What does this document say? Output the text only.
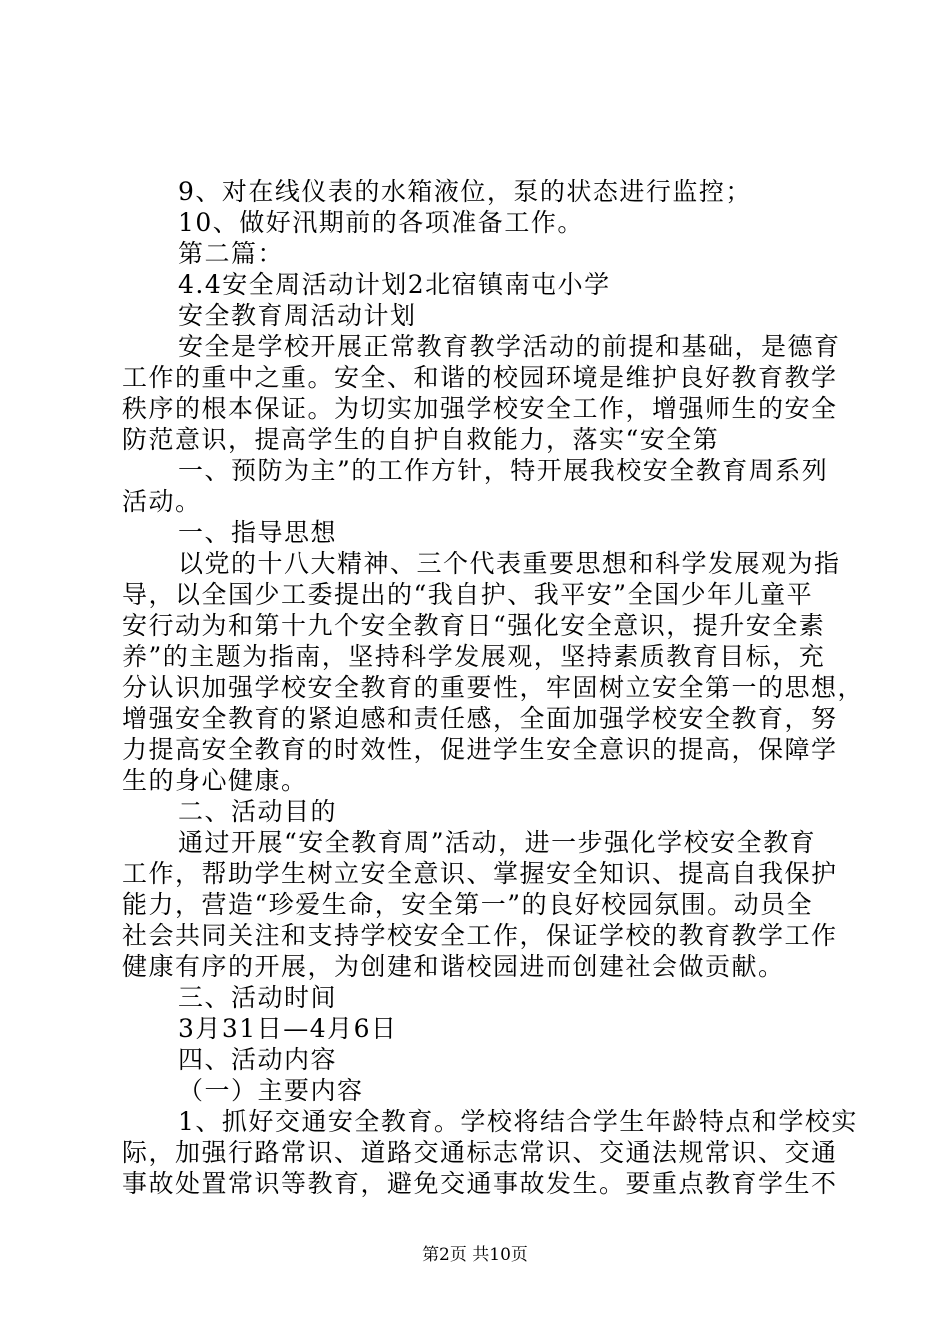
9、对在线仪表的水箱液位，泵的状态进行监控；
10、做好汛期前的各项准备工作。
第二篇：
4.4安全周活动计划2北宿镇南屯小学
安全教育周活动计划
安全是学校开展正常教育教学活动的前提和基础，是德育
工作的重中之重。安全、和谐的校园环境是维护良好教育教学
秩序的根本保证。为切实加强学校安全工作，增强师生的安全
防范意识，提高学生的自护自救能力，落实“安全第
一、预防为主”的工作方针，特开展我校安全教育周系列
活动。
一、指导思想
以党的十八大精神、三个代表重要思想和科学发展观为指
导，以全国少工委提出的“我自护、我平安”全国少年儿童平
安行动为和第十九个安全教育日“强化安全意识，提升安全素
养”的主题为指南，坚持科学发展观，坚持素质教育目标，充
分认识加强学校安全教育的重要性，牢固树立安全第一的思想，
增强安全教育的紧迫感和责任感，全面加强学校安全教育，努
力提高安全教育的时效性，促进学生安全意识的提高，保障学
生的身心健康。
二、活动目的
通过开展“安全教育周”活动，进一步强化学校安全教育
工作，帮助学生树立安全意识、掌握安全知识、提高自我保护
能力，营造“珍爱生命，安全第一”的良好校园氛围。动员全
社会共同关注和支持学校安全工作，保证学校的教育教学工作
健康有序的开展，为创建和谐校园进而创建社会做贡献。
三、活动时间
3月31日—4月6日
四、活动内容
（一）主要内容
1、抓好交通安全教育。学校将结合学生年龄特点和学校实
际，加强行路常识、道路交通标志常识、交通法规常识、交通
事故处置常识等教育，避免交通事故发生。要重点教育学生不
第2页 共10页
